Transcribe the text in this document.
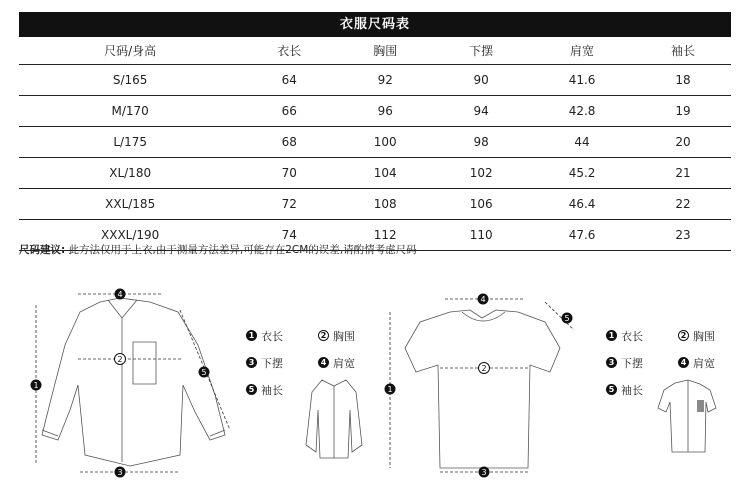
衣服尺码表
尺码/身高	衣长	胸围	下摆	肩宽	袖长
S/165	64	92	90	41.6	18
M/170	66	96	94	42.8	19
L/175	68	100	98	44	20
XL/180	70	104	102	45.2	21
XXL/185	72	108	106	46.4	22
XXXL/190	74	112	110	47.6	23
尺码建议: 此方法仅用于上衣,由于测量方法差异,可能存在2CM的误差,请酌情考虑尺码
4
2
1
5
3
4
5
2
1
3
1 衣长	2 胸围
3 下摆	4 肩宽
5 袖长
1 衣长	2 胸围
3 下摆	4 肩宽
5 袖长
